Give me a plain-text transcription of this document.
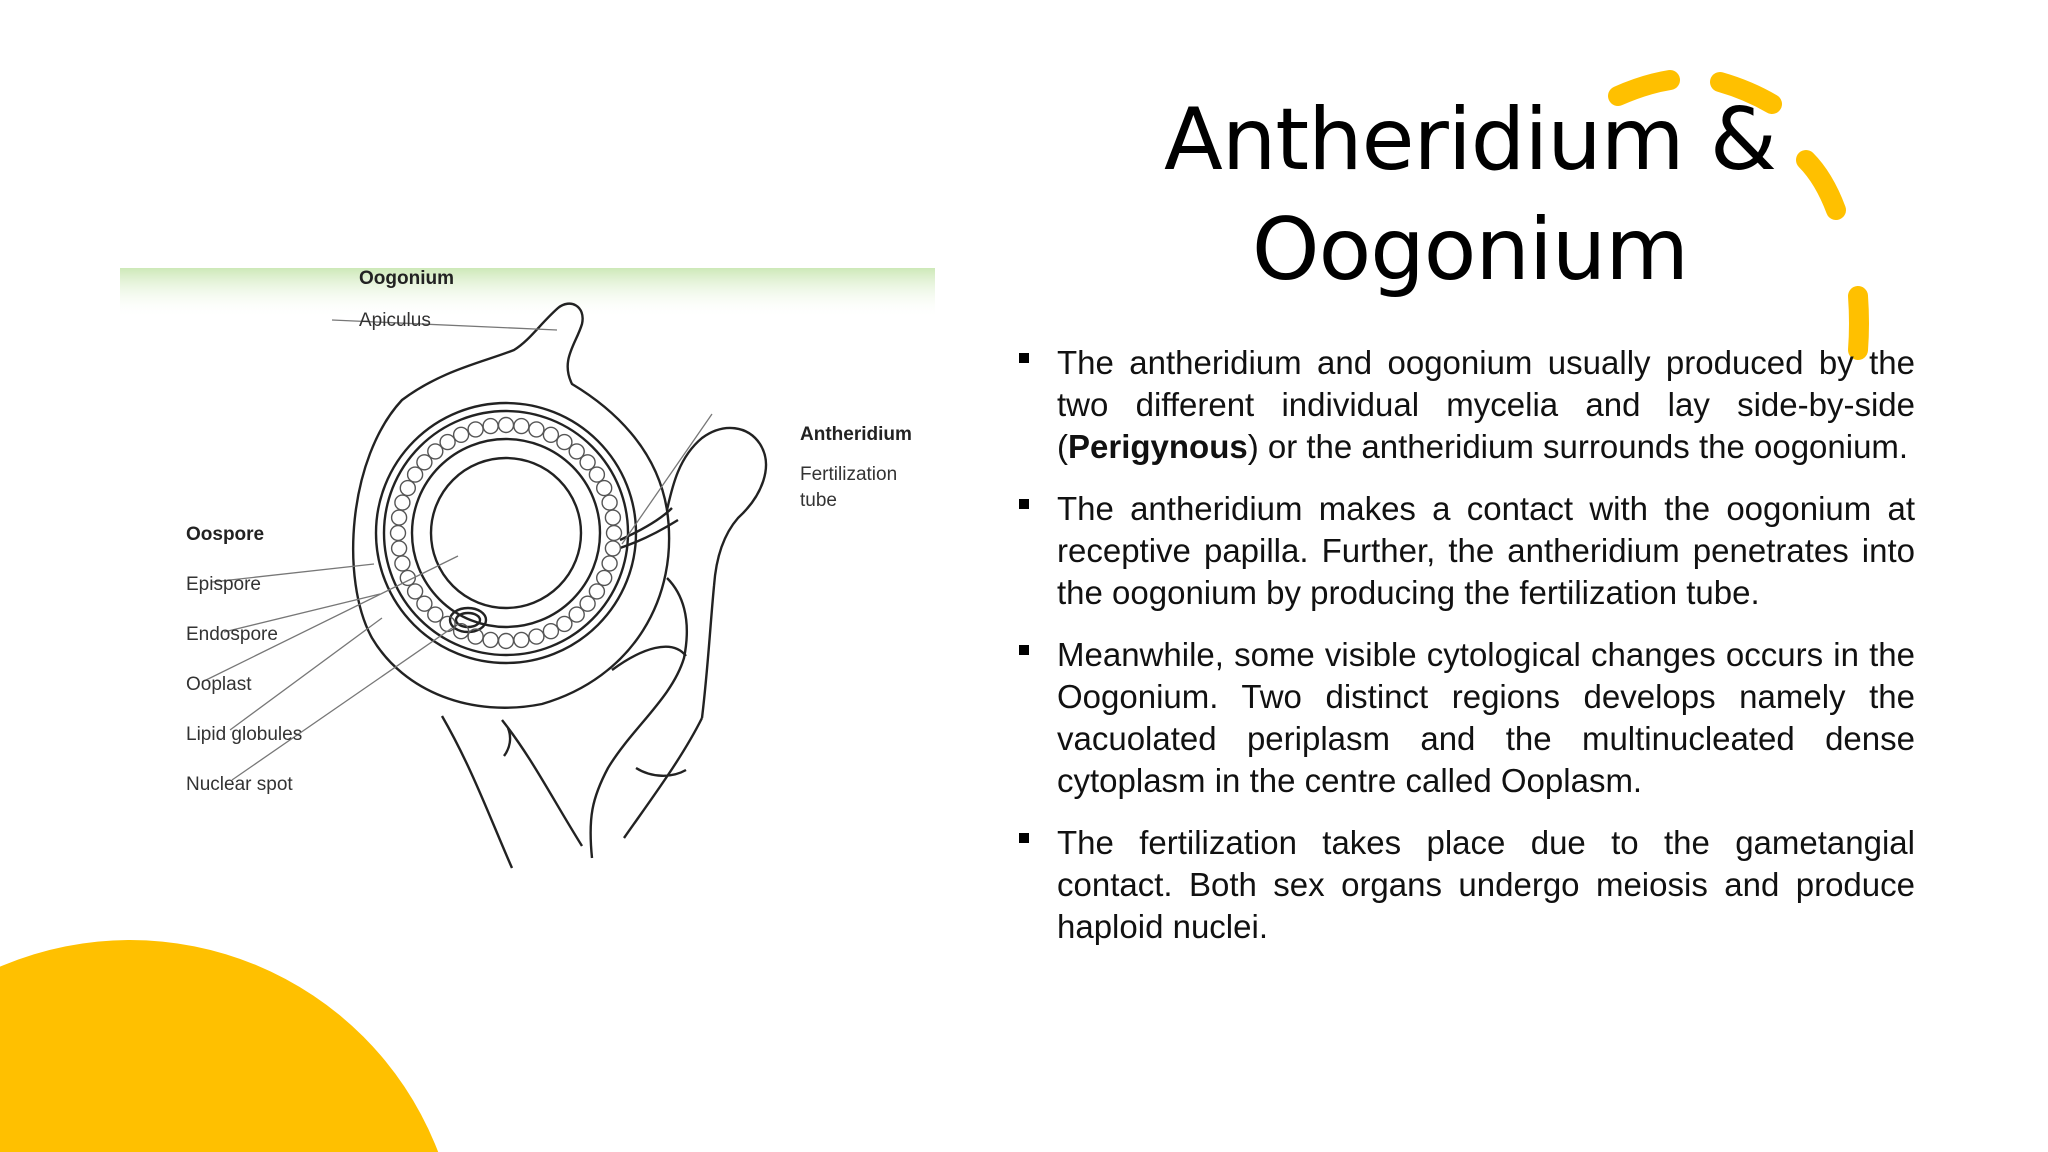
Oogonium
Apiculus
Antheridium
Fertilization
tube
Oospore
Epispore
Endospore
Ooplast
Lipid globules
Nuclear spot
Antheridium &
Oogonium
The antheridium and oogonium usually produced by the two different individual mycelia and lay side-by-side (Perigynous) or the antheridium surrounds the oogonium.
The antheridium makes a contact with the oogonium at receptive papilla. Further, the antheridium penetrates into the oogonium by producing the fertilization tube.
Meanwhile, some visible cytological changes occurs in the Oogonium. Two distinct regions develops namely the vacuolated periplasm and the multinucleated dense cytoplasm in the centre called Ooplasm.
The fertilization takes place due to the gametangial contact. Both sex organs undergo meiosis and produce haploid nuclei.
